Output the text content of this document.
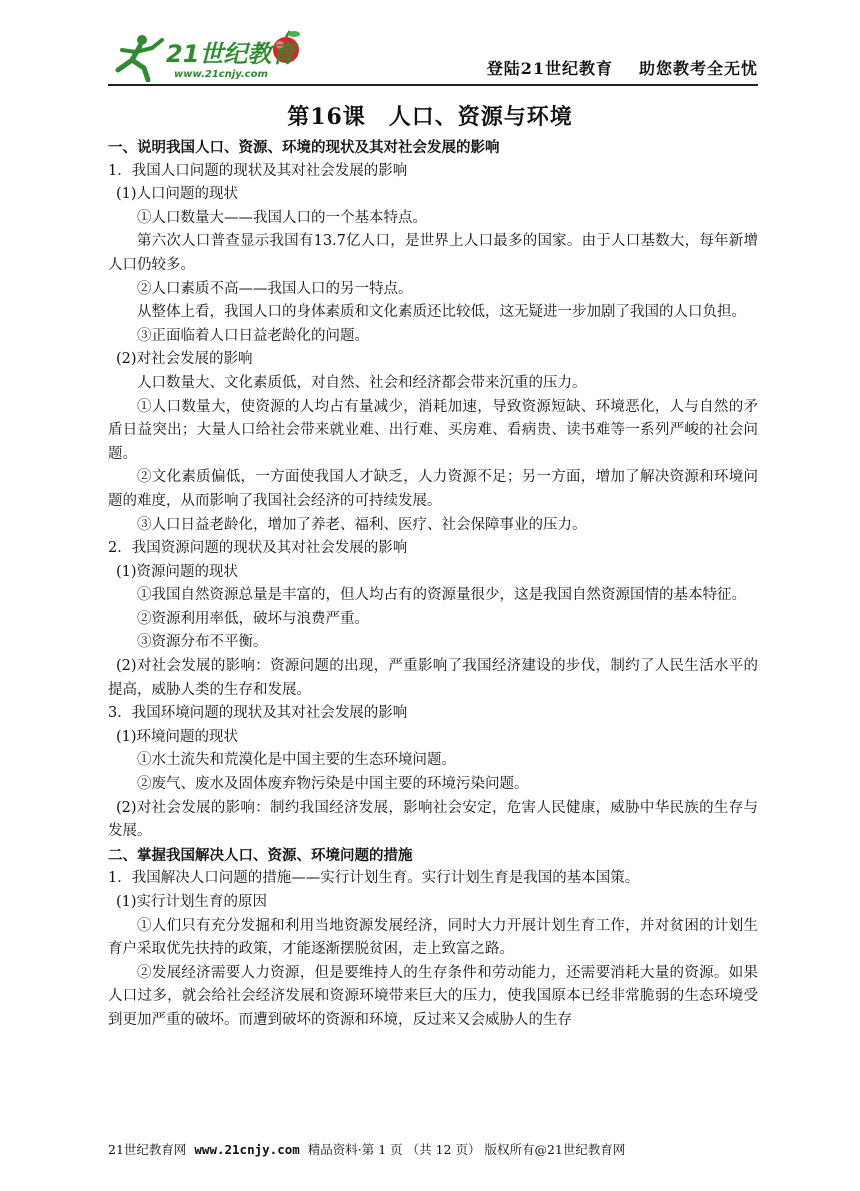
21世纪教育
www.21cnjy.com	登陆21世纪教育 助您教考全无忧
第16课　人口、资源与环境
一、说明我国人口、资源、环境的现状及其对社会发展的影响
1．我国人口问题的现状及其对社会发展的影响
(1)人口问题的现状
①人口数量大——我国人口的一个基本特点。
第六次人口普查显示我国有13.7亿人口，是世界上人口最多的国家。由于人口基数大，每年新增人口仍较多。
②人口素质不高——我国人口的另一特点。
从整体上看，我国人口的身体素质和文化素质还比较低，这无疑进一步加剧了我国的人口负担。
③正面临着人口日益老龄化的问题。
(2)对社会发展的影响
人口数量大、文化素质低，对自然、社会和经济都会带来沉重的压力。
①人口数量大，使资源的人均占有量减少，消耗加速，导致资源短缺、环境恶化，人与自然的矛盾日益突出；大量人口给社会带来就业难、出行难、买房难、看病贵、读书难等一系列严峻的社会问题。
②文化素质偏低，一方面使我国人才缺乏，人力资源不足；另一方面，增加了解决资源和环境问题的难度，从而影响了我国社会经济的可持续发展。
③人口日益老龄化，增加了养老、福利、医疗、社会保障事业的压力。
2．我国资源问题的现状及其对社会发展的影响
(1)资源问题的现状
①我国自然资源总量是丰富的，但人均占有的资源量很少，这是我国自然资源国情的基本特征。
②资源利用率低，破坏与浪费严重。
③资源分布不平衡。
(2)对社会发展的影响：资源问题的出现，严重影响了我国经济建设的步伐，制约了人民生活水平的提高，威胁人类的生存和发展。
3．我国环境问题的现状及其对社会发展的影响
(1)环境问题的现状
①水土流失和荒漠化是中国主要的生态环境问题。
②废气、废水及固体废弃物污染是中国主要的环境污染问题。
(2)对社会发展的影响：制约我国经济发展，影响社会安定，危害人民健康，威胁中华民族的生存与发展。
二、掌握我国解决人口、资源、环境问题的措施
1．我国解决人口问题的措施——实行计划生育。实行计划生育是我国的基本国策。
(1)实行计划生育的原因
①人们只有充分发掘和利用当地资源发展经济，同时大力开展计划生育工作，并对贫困的计划生育户采取优先扶持的政策，才能逐渐摆脱贫困，走上致富之路。
②发展经济需要人力资源，但是要维持人的生存条件和劳动能力，还需要消耗大量的资源。如果人口过多，就会给社会经济发展和资源环境带来巨大的压力，使我国原本已经非常脆弱的生态环境受到更加严重的破坏。而遭到破坏的资源和环境，反过来又会威胁人的生存
21世纪教育网 www.21cnjy.com 精品资料·第 1 页 （共 12 页） 版权所有@21世纪教育网
